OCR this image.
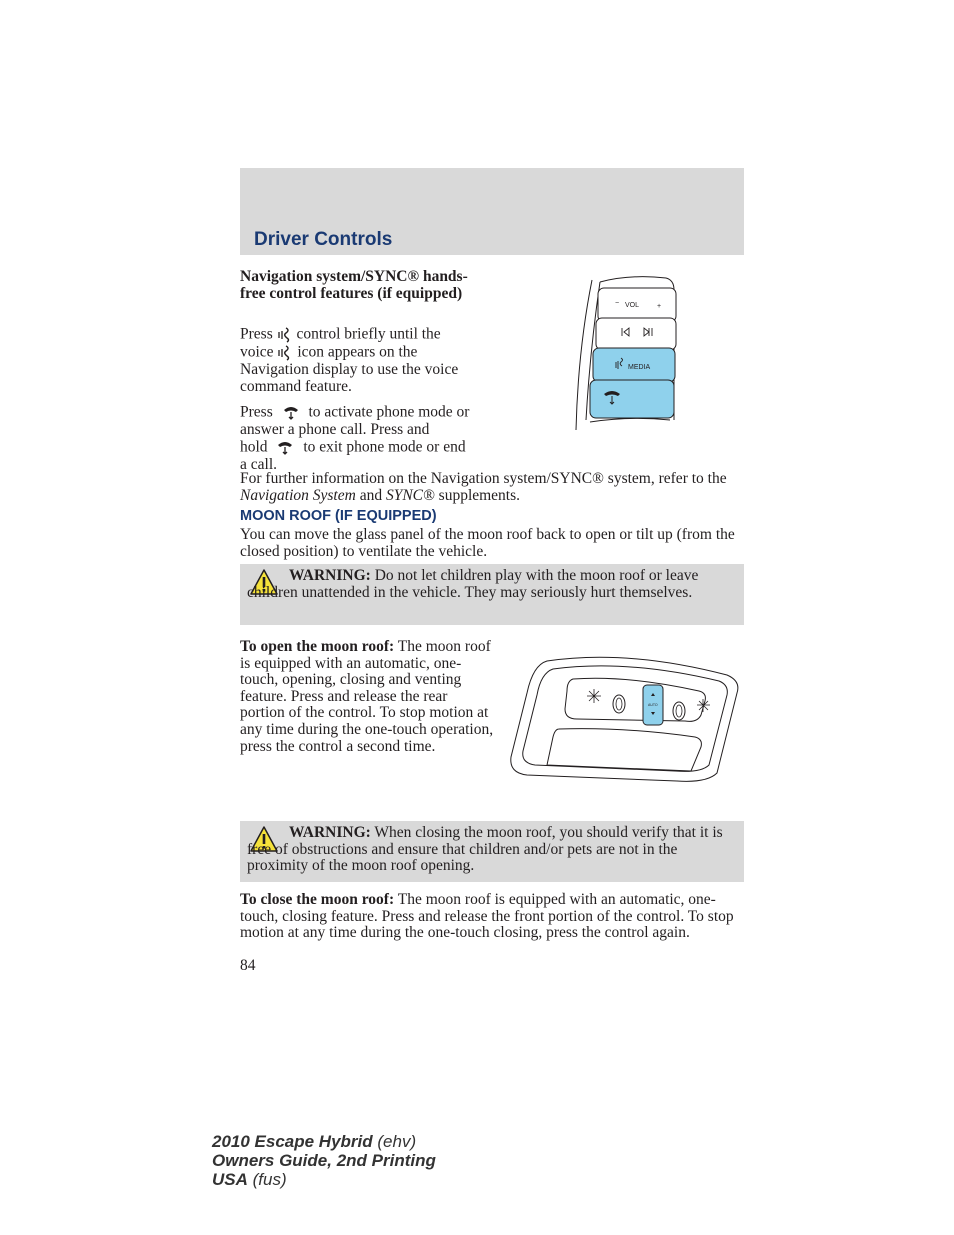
Driver Controls
Navigation system/SYNC® hands-free control features (if equipped)
Press control briefly until the
voice icon appears on the
Navigation display to use the voice command feature.
Press to activate phone mode or
answer a phone call. Press and
hold to exit phone mode or end
a call.
VOL
−	+
MEDIA
For further information on the Navigation system/SYNC® system, refer to the Navigation System and SYNC® supplements.
MOON ROOF (IF EQUIPPED)
You can move the glass panel of the moon roof back to open or tilt up (from the closed position) to ventilate the vehicle.
WARNING: Do not let children play with the moon roof or leave children unattended in the vehicle. They may seriously hurt themselves.
To open the moon roof: The moon roof is equipped with an automatic, one-touch, opening, closing and venting feature. Press and release the rear portion of the control. To stop motion at any time during the one-touch operation, press the control a second time.
AUTO
WARNING: When closing the moon roof, you should verify that it is free of obstructions and ensure that children and/or pets are not in the proximity of the moon roof opening.
To close the moon roof: The moon roof is equipped with an automatic, one-touch, closing feature. Press and release the front portion of the control. To stop motion at any time during the one-touch closing, press the control again.
84
2010 Escape Hybrid (ehv)
Owners Guide, 2nd Printing
USA (fus)
